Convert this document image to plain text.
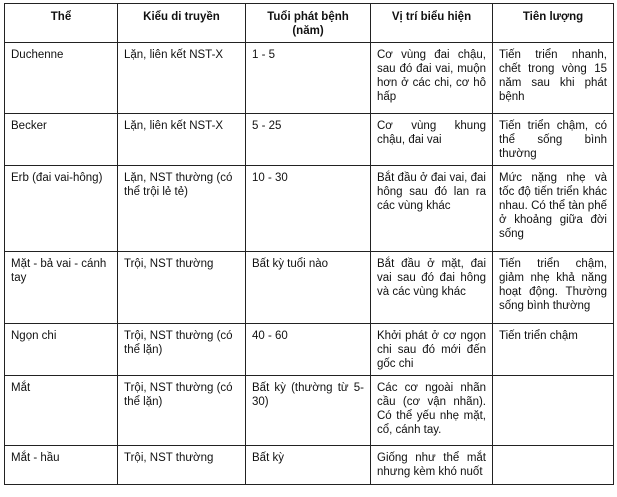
Thể	Kiểu di truyền	Tuổi phát bệnh (năm)	Vị trí biểu hiện	Tiên lượng
Duchenne	Lặn, liên kết NST-X	1 - 5	Cơ vùng đai chậu, sau đó đai vai, muộn hơn ở các chi, cơ hô hấp	Tiến triển nhanh, chết trong vòng 15 năm sau khi phát bệnh
Becker	Lặn, liên kết NST-X	5 - 25	Cơ vùng khung chậu, đai vai	Tiến triển chậm, có thể sống bình thường
Erb (đai vai-hông)	Lặn, NST thường (có thể trội lẻ tẻ)	10 - 30	Bắt đầu ở đai vai, đai hông sau đó lan ra các vùng khác	Mức nặng nhẹ và tốc độ tiến triển khác nhau. Có thể tàn phế ở khoảng giữa đời sống
Mặt - bả vai - cánh tay	Trội, NST thường	Bất kỳ tuổi nào	Bắt đầu ở mặt, đai vai sau đó đai hông và các vùng khác	Tiến triển chậm, giảm nhẹ khả năng hoạt động. Thường sống bình thường
Ngọn chi	Trội, NST thường (có thể lặn)	40 - 60	Khởi phát ở cơ ngọn chi sau đó mới đến gốc chi	Tiến triển chậm
Mắt	Trội, NST thường (có thể lặn)	Bất kỳ (thường từ 5-30)	Các cơ ngoài nhãn cầu (cơ vận nhãn). Có thể yếu nhẹ mặt, cổ, cánh tay.	
Mắt - hầu	Trội, NST thường	Bất kỳ	Giống như thể mắt nhưng kèm khó nuốt	
